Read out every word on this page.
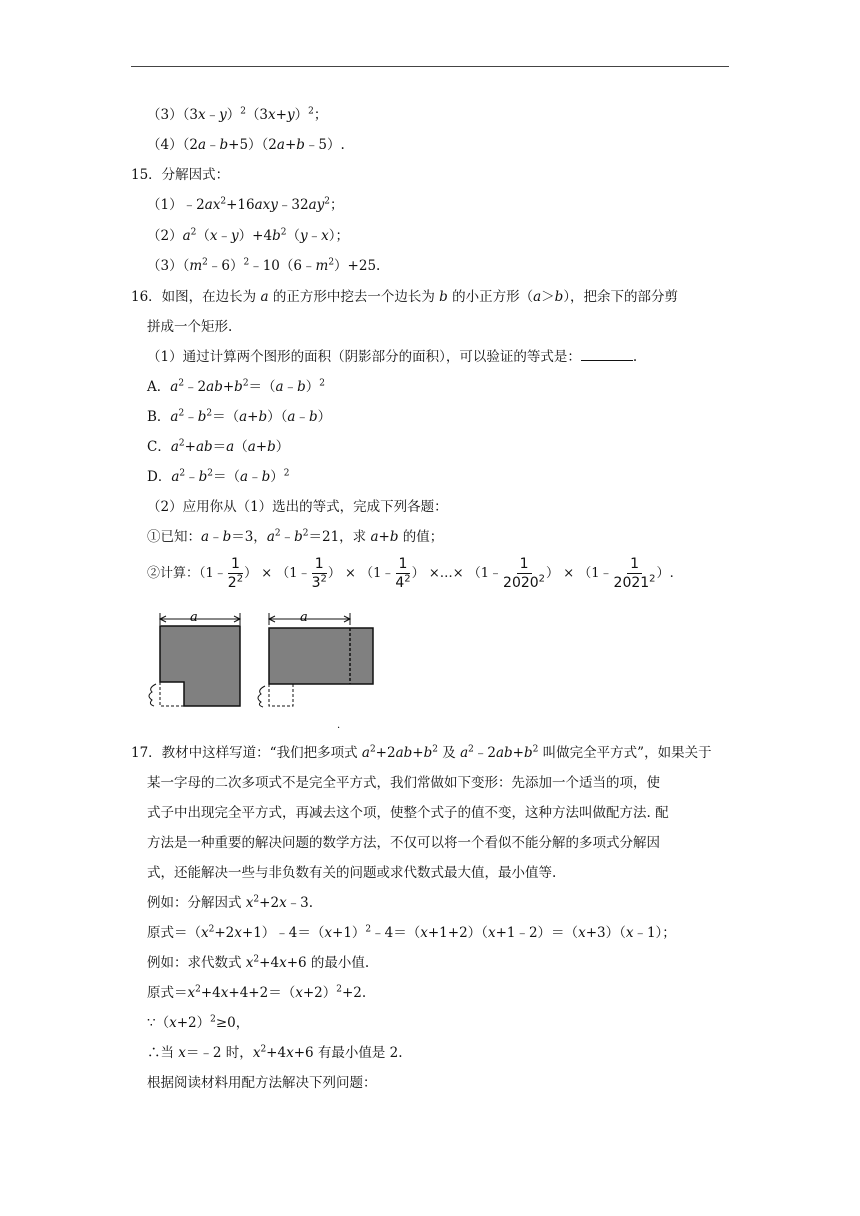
$(3)(3x﹣y)^2(3x+y)^2$；
（4）（2a﹣b+5）（2a+b﹣5）.
15．分解因式：
$(1)﹣2ax^2+16axy﹣32ay^2$；
$(2)a^2(x﹣y)+4b^2(y﹣x)$；
$(3)(m^2﹣6)^2﹣10(6﹣m^2)+25$.
16．如图，在边长为 a 的正方形中挖去一个边长为 b 的小正方形（a＞b），把余下的部分剪
拼成一个矩形.
（1）通过计算两个图形的面积（阴影部分的面积），可以验证的等式是：	.
A．$a^2﹣2ab+b^2=(a﹣b)^2$
B．$a^2﹣b^2=(a+b)(a﹣b)$
C．$a^2+ab=a(a+b)$
D．$a^2﹣b^2=(a﹣b)^2$
（2）应用你从（1）选出的等式，完成下列各题：
①已知：a﹣b＝3，$a^2﹣b^2=21$，求 a+b 的值；
②计算：（1﹣ $\frac{1}{2^2}$ ） × （1﹣ $\frac{1}{3^2}$ ） × （1﹣ $\frac{1}{4^2}$ ） ×…× （1﹣ $\frac{1}{2020^2}$ ） × （1﹣ $\frac{1}{2021^2}$ ）.
a	a
.
17．教材中这样写道：“我们把多项式 $a^2+2ab+b^2$ 及 $a^2﹣2ab+b^2$ 叫做完全平方式”，如果关于
某一字母的二次多项式不是完全平方式，我们常做如下变形：先添加一个适当的项，使
式子中出现完全平方式，再减去这个项，使整个式子的值不变，这种方法叫做配方法. 配
方法是一种重要的解决问题的数学方法，不仅可以将一个看似不能分解的多项式分解因
式，还能解决一些与非负数有关的问题或求代数式最大值，最小值等.
例如：分解因式 $x^2+2x﹣3$.
原式$=(x^2+2x+1)﹣4=(x+1)^2﹣4=(x+1+2)(x+1﹣2)=(x+3)(x﹣1)$；
例如：求代数式 $x^2+4x+6$ 的最小值.
原式$=x^2+4x+4+2=(x+2)^2+2$.
$\because(x+2)^2\ge 0$，
∴当 x＝﹣2 时，$x^2+4x+6$ 有最小值是 2.
根据阅读材料用配方法解决下列问题：
